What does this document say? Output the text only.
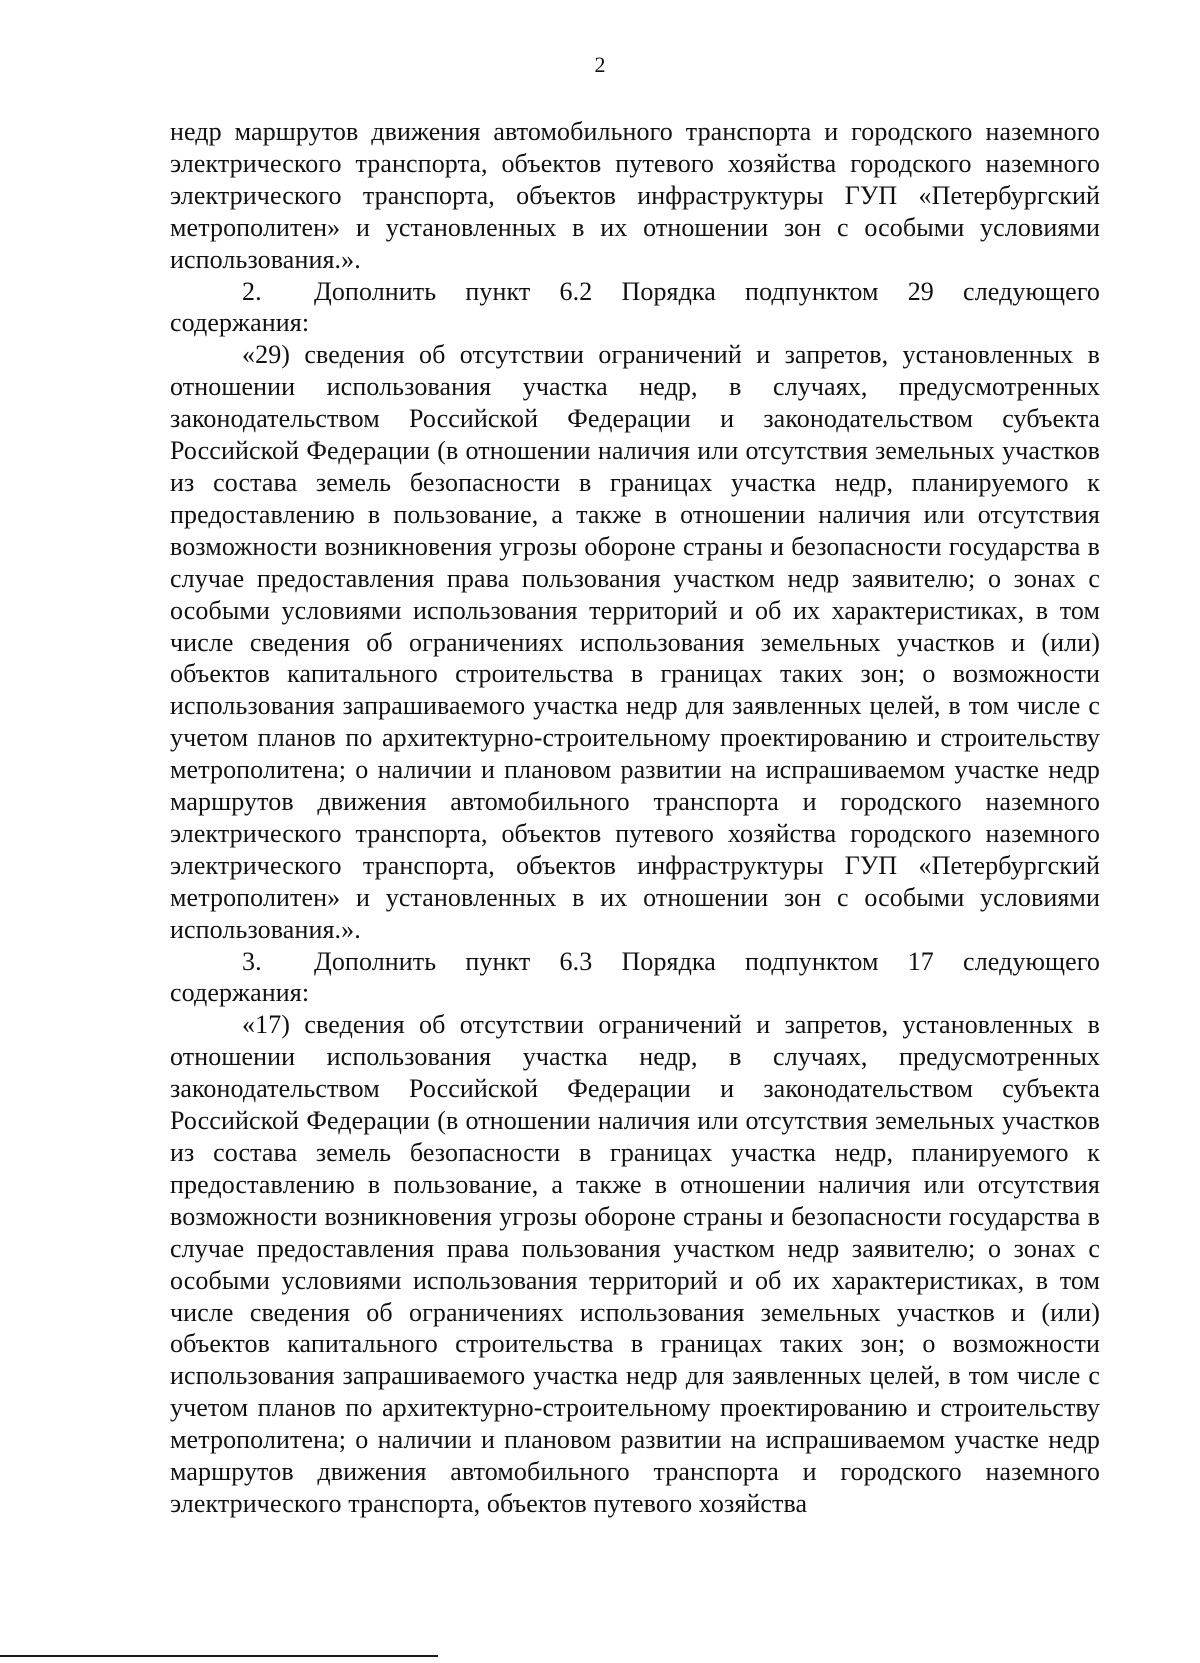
2

недр маршрутов движения автомобильного транспорта и городского наземного электрического транспорта, объектов путевого хозяйства городского наземного электрического транспорта, объектов инфраструктуры ГУП «Петербургский метрополитен» и установленных в их отношении зон с особыми условиями использования.».

2. Дополнить пункт 6.2 Порядка подпунктом 29 следующего содержания:

«29) сведения об отсутствии ограничений и запретов, установленных в отношении использования участка недр, в случаях, предусмотренных законодательством Российской Федерации и законодательством субъекта Российской Федерации (в отношении наличия или отсутствия земельных участков из состава земель безопасности в границах участка недр, планируемого к предоставлению в пользование, а также в отношении наличия или отсутствия возможности возникновения угрозы обороне страны и безопасности государства в случае предоставления права пользования участком недр заявителю; о зонах с особыми условиями использования территорий и об их характеристиках, в том числе сведения об ограничениях использования земельных участков и (или) объектов капитального строительства в границах таких зон; о возможности использования запрашиваемого участка недр для заявленных целей, в том числе с учетом планов по архитектурно-строительному проектированию и строительству метрополитена; о наличии и плановом развитии на испрашиваемом участке недр маршрутов движения автомобильного транспорта и городского наземного электрического транспорта, объектов путевого хозяйства городского наземного электрического транспорта, объектов инфраструктуры ГУП «Петербургский метрополитен» и установленных в их отношении зон с особыми условиями использования.».

3. Дополнить пункт 6.3 Порядка подпунктом 17 следующего содержания:

«17) сведения об отсутствии ограничений и запретов, установленных в отношении использования участка недр, в случаях, предусмотренных законодательством Российской Федерации и законодательством субъекта Российской Федерации (в отношении наличия или отсутствия земельных участков из состава земель безопасности в границах участка недр, планируемого к предоставлению в пользование, а также в отношении наличия или отсутствия возможности возникновения угрозы обороне страны и безопасности государства в случае предоставления права пользования участком недр заявителю; о зонах с особыми условиями использования территорий и об их характеристиках, в том числе сведения об ограничениях использования земельных участков и (или) объектов капитального строительства в границах таких зон; о возможности использования запрашиваемого участка недр для заявленных целей, в том числе с учетом планов по архитектурно-строительному проектированию и строительству метрополитена; о наличии и плановом развитии на испрашиваемом участке недр маршрутов движения автомобильного транспорта и городского наземного электрического транспорта, объектов путевого хозяйства
